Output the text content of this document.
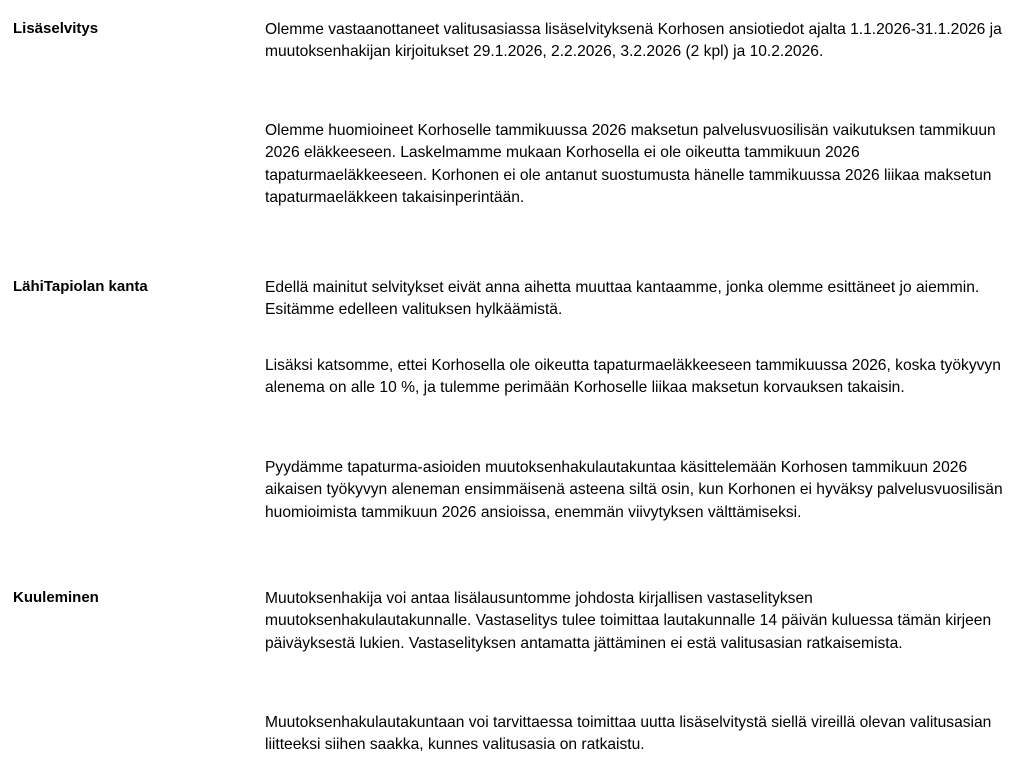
Lisäselvitys	Olemme vastaanottaneet valitusasiassa lisäselvityksenä Korhosen ansiotiedot ajalta 1.1.2026-31.1.2026 ja muutoksenhakijan kirjoitukset 29.1.2026, 2.2.2026, 3.2.2026 (2 kpl) ja 10.2.2026.

Olemme huomioineet Korhoselle tammikuussa 2026 maksetun palvelusvuosilisän vaikutuksen tammikuun 2026 eläkkeeseen. Laskelmamme mukaan Korhosella ei ole oikeutta tammikuun 2026 tapaturmaeläkkeeseen. Korhonen ei ole antanut suostumusta hänelle tammikuussa 2026 liikaa maksetun tapaturmaeläkkeen takaisinperintään.

LähiTapiolan kanta	Edellä mainitut selvitykset eivät anna aihetta muuttaa kantaamme, jonka olemme esittäneet jo aiemmin. Esitämme edelleen valituksen hylkäämistä.

Lisäksi katsomme, ettei Korhosella ole oikeutta tapaturmaeläkkeeseen tammikuussa 2026, koska työkyvyn alenema on alle 10 %, ja tulemme perimään Korhoselle liikaa maksetun korvauksen takaisin.

Pyydämme tapaturma-asioiden muutoksenhakulautakuntaa käsittelemään Korhosen tammikuun 2026 aikaisen työkyvyn aleneman ensimmäisenä asteena siltä osin, kun Korhonen ei hyväksy palvelusvuosilisän huomioimista tammikuun 2026 ansioissa, enemmän viivytyksen välttämiseksi.

Kuuleminen	Muutoksenhakija voi antaa lisälausuntomme johdosta kirjallisen vastaselityksen muutoksenhakulautakunnalle. Vastaselitys tulee toimittaa lautakunnalle 14 päivän kuluessa tämän kirjeen päiväyksestä lukien. Vastaselityksen antamatta jättäminen ei estä valitusasian ratkaisemista.

Muutoksenhakulautakuntaan voi tarvittaessa toimittaa uutta lisäselvitystä siellä vireillä olevan valitusasian liitteeksi siihen saakka, kunnes valitusasia on ratkaistu.
